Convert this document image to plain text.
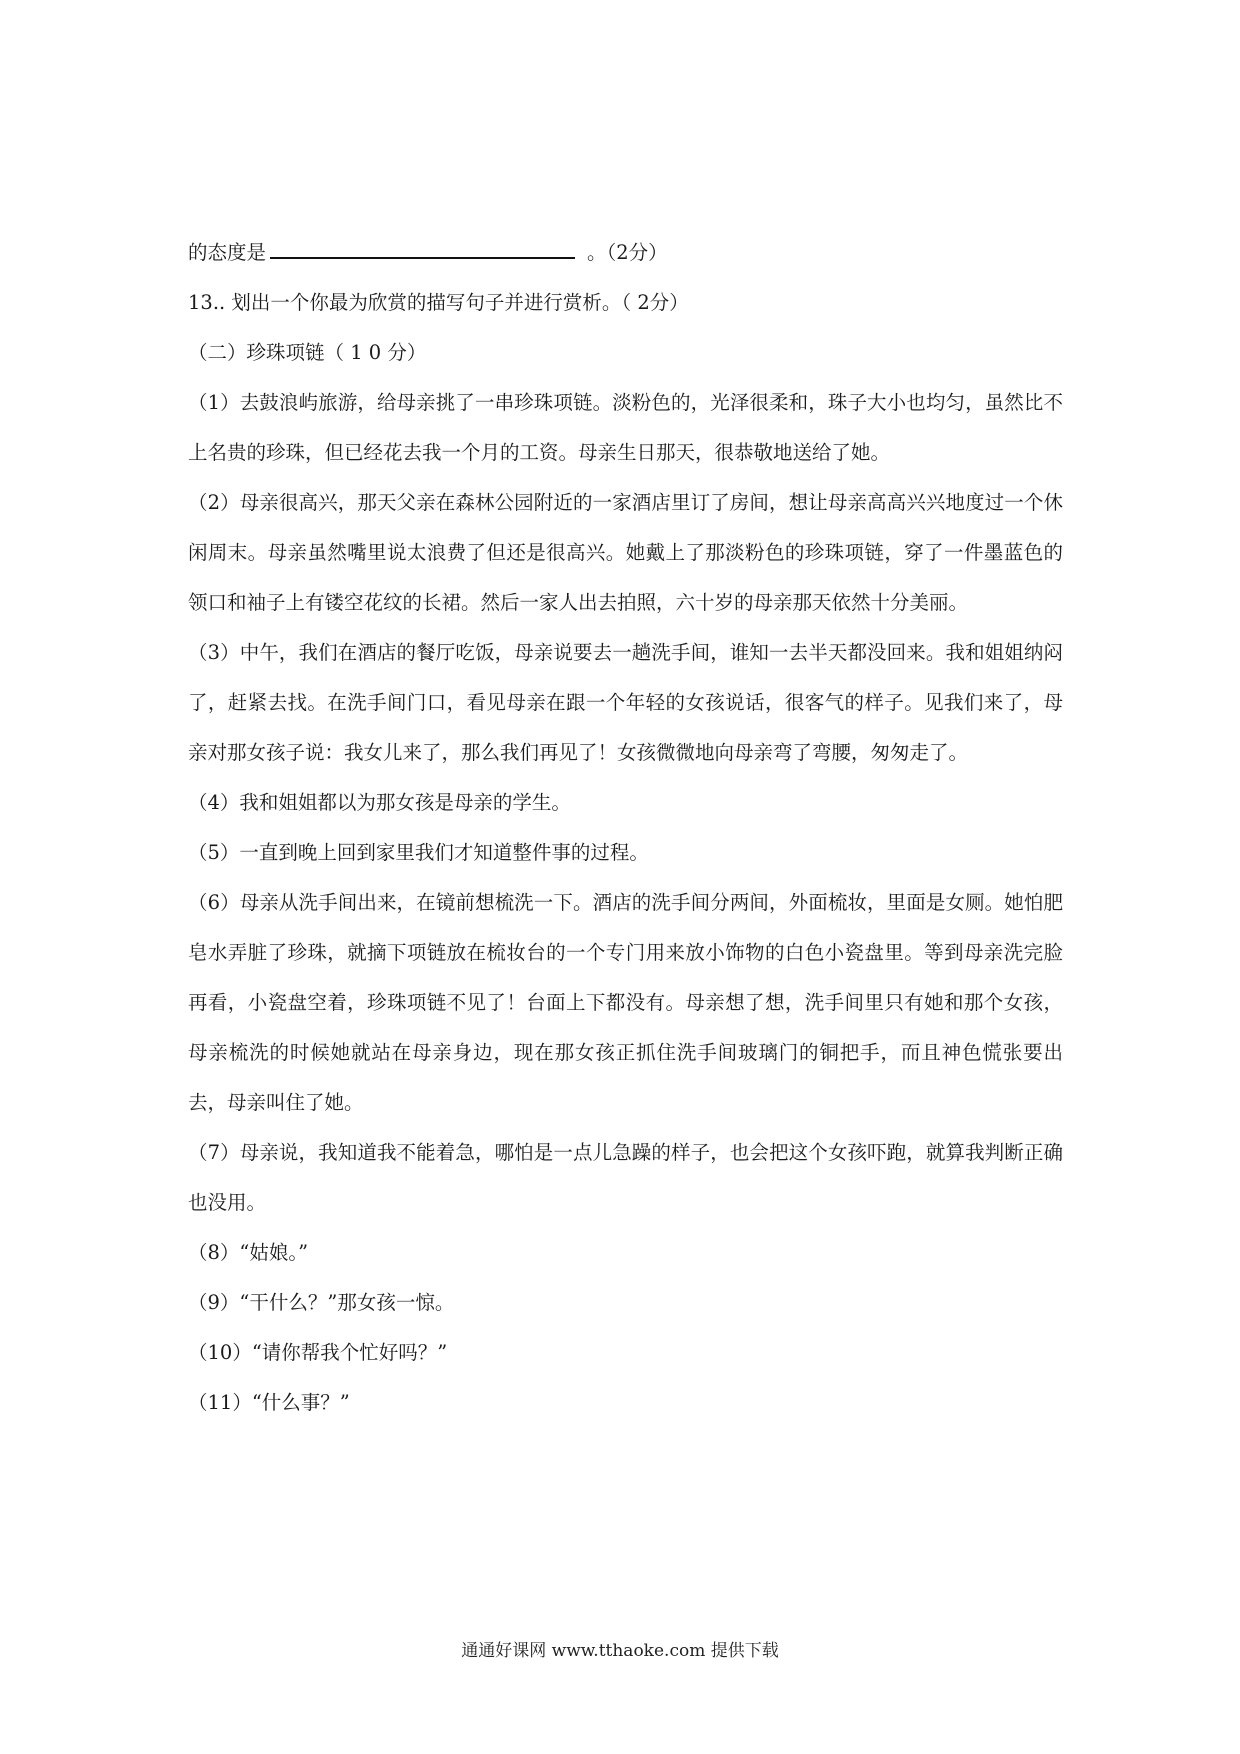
的态度是	。（2分）
13.. 划出一个你最为欣赏的描写句子并进行赏析。（ 2分）
（二）珍珠项链（ 1 0 分）
（1）去鼓浪屿旅游，给母亲挑了一串珍珠项链。淡粉色的，光泽很柔和，珠子大小也均匀，虽然比不上名贵的珍珠，但已经花去我一个月的工资。母亲生日那天，很恭敬地送给了她。
（2）母亲很高兴，那天父亲在森林公园附近的一家酒店里订了房间，想让母亲高高兴兴地度过一个休闲周末。母亲虽然嘴里说太浪费了但还是很高兴。她戴上了那淡粉色的珍珠项链，穿了一件墨蓝色的领口和袖子上有镂空花纹的长裙。然后一家人出去拍照，六十岁的母亲那天依然十分美丽。
（3）中午，我们在酒店的餐厅吃饭，母亲说要去一趟洗手间，谁知一去半天都没回来。我和姐姐纳闷了，赶紧去找。在洗手间门口，看见母亲在跟一个年轻的女孩说话，很客气的样子。见我们来了，母亲对那女孩子说：我女儿来了，那么我们再见了！女孩微微地向母亲弯了弯腰，匆匆走了。
（4）我和姐姐都以为那女孩是母亲的学生。
（5）一直到晚上回到家里我们才知道整件事的过程。
（6）母亲从洗手间出来，在镜前想梳洗一下。酒店的洗手间分两间，外面梳妆，里面是女厕。她怕肥皂水弄脏了珍珠，就摘下项链放在梳妆台的一个专门用来放小饰物的白色小瓷盘里。等到母亲洗完脸再看，小瓷盘空着，珍珠项链不见了！台面上下都没有。母亲想了想，洗手间里只有她和那个女孩，母亲梳洗的时候她就站在母亲身边，现在那女孩正抓住洗手间玻璃门的铜把手，而且神色慌张要出去，母亲叫住了她。
（7）母亲说，我知道我不能着急，哪怕是一点儿急躁的样子，也会把这个女孩吓跑，就算我判断正确也没用。
（8）“姑娘。”
（9）“干什么？”那女孩一惊。
（10）“请你帮我个忙好吗？”
（11）“什么事？”
通通好课网 www.tthaoke.com 提供下载
